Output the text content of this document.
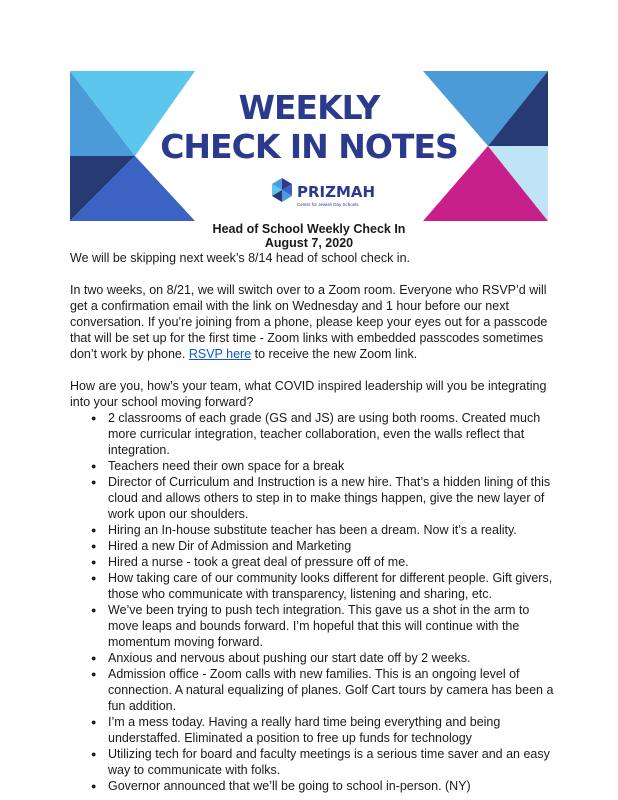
WEEKLY
CHECK IN NOTES
PRIZMAH
Center for Jewish Day Schools
Head of School Weekly Check In
August 7, 2020

We will be skipping next week’s 8/14 head of school check in.

In two weeks, on 8/21, we will switch over to a Zoom room. Everyone who RSVP’d will get a confirmation email with the link on Wednesday and 1 hour before our next conversation. If you’re joining from a phone, please keep your eyes out for a passcode that will be set up for the first time - Zoom links with embedded passcodes sometimes don’t work by phone. RSVP here to receive the new Zoom link.

How are you, how’s your team, what COVID inspired leadership will you be integrating into your school moving forward?
● 2 classrooms of each grade (GS and JS) are using both rooms. Created much more curricular integration, teacher collaboration, even the walls reflect that integration.
● Teachers need their own space for a break
● Director of Curriculum and Instruction is a new hire. That’s a hidden lining of this cloud and allows others to step in to make things happen, give the new layer of work upon our shoulders.
● Hiring an In-house substitute teacher has been a dream. Now it’s a reality.
● Hired a new Dir of Admission and Marketing
● Hired a nurse - took a great deal of pressure off of me.
● How taking care of our community looks different for different people. Gift givers, those who communicate with transparency, listening and sharing, etc.
● We’ve been trying to push tech integration. This gave us a shot in the arm to move leaps and bounds forward. I’m hopeful that this will continue with the momentum moving forward.
● Anxious and nervous about pushing our start date off by 2 weeks.
● Admission office - Zoom calls with new families. This is an ongoing level of connection. A natural equalizing of planes. Golf Cart tours by camera has been a fun addition.
● I’m a mess today. Having a really hard time being everything and being understaffed. Eliminated a position to free up funds for technology
● Utilizing tech for board and faculty meetings is a serious time saver and an easy way to communicate with folks.
● Governor announced that we’ll be going to school in-person. (NY)
